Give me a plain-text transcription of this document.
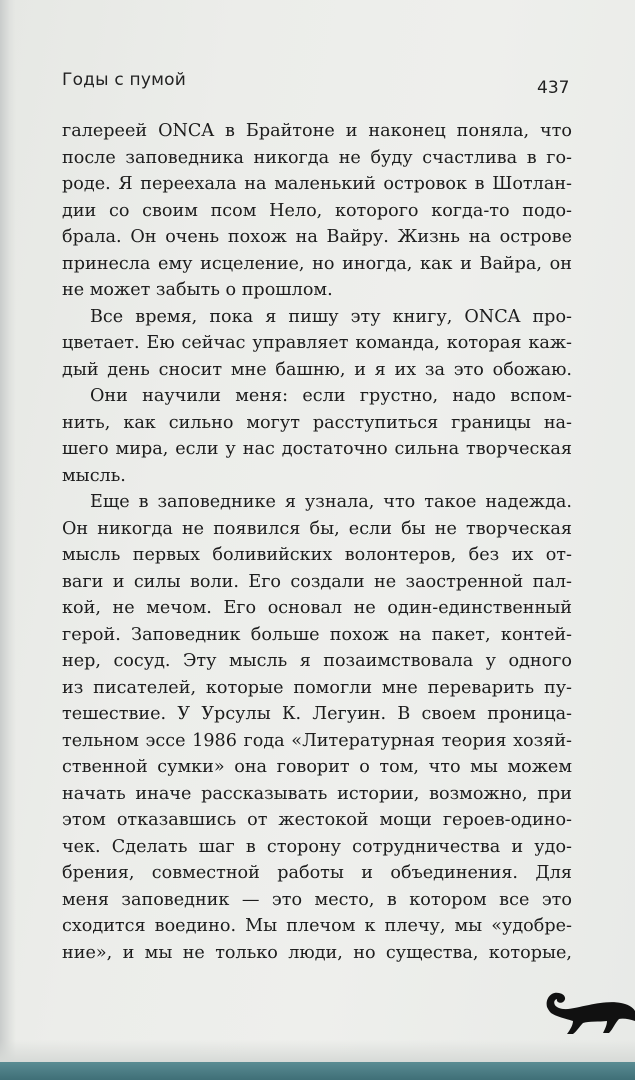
Годы с пумой	437
галереей ONCA в Брайтоне и наконец поняла, что
после заповедника никогда не буду счастлива в го-
роде. Я переехала на маленький островок в Шотлан-
дии со своим псом Нело, которого когда-то подо-
брала. Он очень похож на Вайру. Жизнь на острове
принесла ему исцеление, но иногда, как и Вайра, он
не может забыть о прошлом.
Все время, пока я пишу эту книгу, ONCA про-
цветает. Ею сейчас управляет команда, которая каж-
дый день сносит мне башню, и я их за это обожаю.
Они научили меня: если грустно, надо вспом-
нить, как сильно могут расступиться границы на-
шего мира, если у нас достаточно сильна творческая
мысль.
Еще в заповеднике я узнала, что такое надежда.
Он никогда не появился бы, если бы не творческая
мысль первых боливийских волонтеров, без их от-
ваги и силы воли. Его создали не заостренной пал-
кой, не мечом. Его основал не один-единственный
герой. Заповедник больше похож на пакет, контей-
нер, сосуд. Эту мысль я позаимствовала у одного
из писателей, которые помогли мне переварить пу-
тешествие. У Урсулы К. Легуин. В своем проница-
тельном эссе 1986 года «Литературная теория хозяй-
ственной сумки» она говорит о том, что мы можем
начать иначе рассказывать истории, возможно, при
этом отказавшись от жестокой мощи героев-одино-
чек. Сделать шаг в сторону сотрудничества и удо-
брения, совместной работы и объединения. Для
меня заповедник — это место, в котором все это
сходится воедино. Мы плечом к плечу, мы «удобре-
ние», и мы не только люди, но существа, которые,
